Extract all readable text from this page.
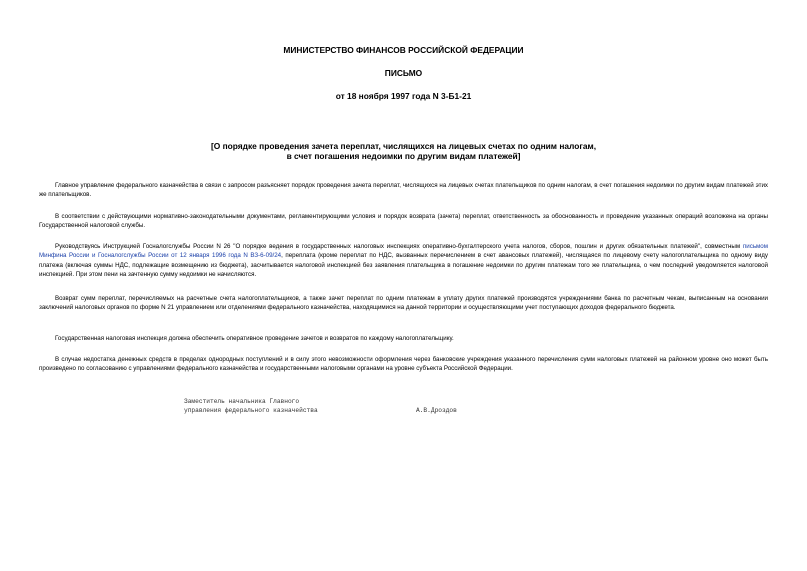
МИНИСТЕРСТВО ФИНАНСОВ РОССИЙСКОЙ ФЕДЕРАЦИИ
ПИСЬМО
от 18 ноября 1997 года N 3-Б1-21
[О порядке проведения зачета переплат, числящихся на лицевых счетах по одним налогам,
в счет погашения недоимки по другим видам платежей]

Главное управление федерального казначейства в связи с запросом разъясняет порядок проведения зачета переплат, числящихся на лицевых счетах плательщиков по одним налогам, в счет погашения недоимки по другим видам платежей этих же плательщиков.

В соответствии с действующими нормативно-законодательными документами, регламентирующими условия и порядок возврата (зачета) переплат, ответственность за обоснованность и проведение указанных операций возложена на органы Государственной налоговой службы.

Руководствуясь Инструкцией Госналогслужбы России N 26 "О порядке ведения в государственных налоговых инспекциях оперативно-бухгалтерского учета налогов, сборов, пошлин и других обязательных платежей", совместным письмом Минфина России и Госналогслужбы России от 12 января 1996 года N ВЗ-6-09/24, переплата (кроме переплат по НДС, вызванных перечислением в счет авансовых платежей), числящаяся по лицевому счету налогоплательщика по одному виду платежа (включая суммы НДС, подлежащие возмещению из бюджета), засчитывается налоговой инспекцией без заявления плательщика в погашение недоимки по другим платежам того же плательщика, о чем последний уведомляется налоговой инспекцией. При этом пени на зачтенную сумму недоимки не начисляются.

Возврат сумм переплат, перечисляемых на расчетные счета налогоплательщиков, а также зачет переплат по одним платежам в уплату других платежей производятся учреждениями банка по расчетным чекам, выписанным на основании заключений налоговых органов по форме N 21 управлением или отделениями федерального казначейства, находящимися на данной территории и осуществляющими учет поступающих доходов федерального бюджета.

Государственная налоговая инспекция должна обеспечить оперативное проведение зачетов и возвратов по каждому налогоплательщику.

В случае недостатка денежных средств в пределах однородных поступлений и в силу этого невозможности оформления через банковские учреждения указанного перечисления сумм налоговых платежей на районном уровне оно может быть произведено по согласованию с управлениями федерального казначейства и государственными налоговыми органами на уровне субъекта Российской Федерации.

Заместитель начальника Главного
управления федерального казначейства	А.В.Дроздов
